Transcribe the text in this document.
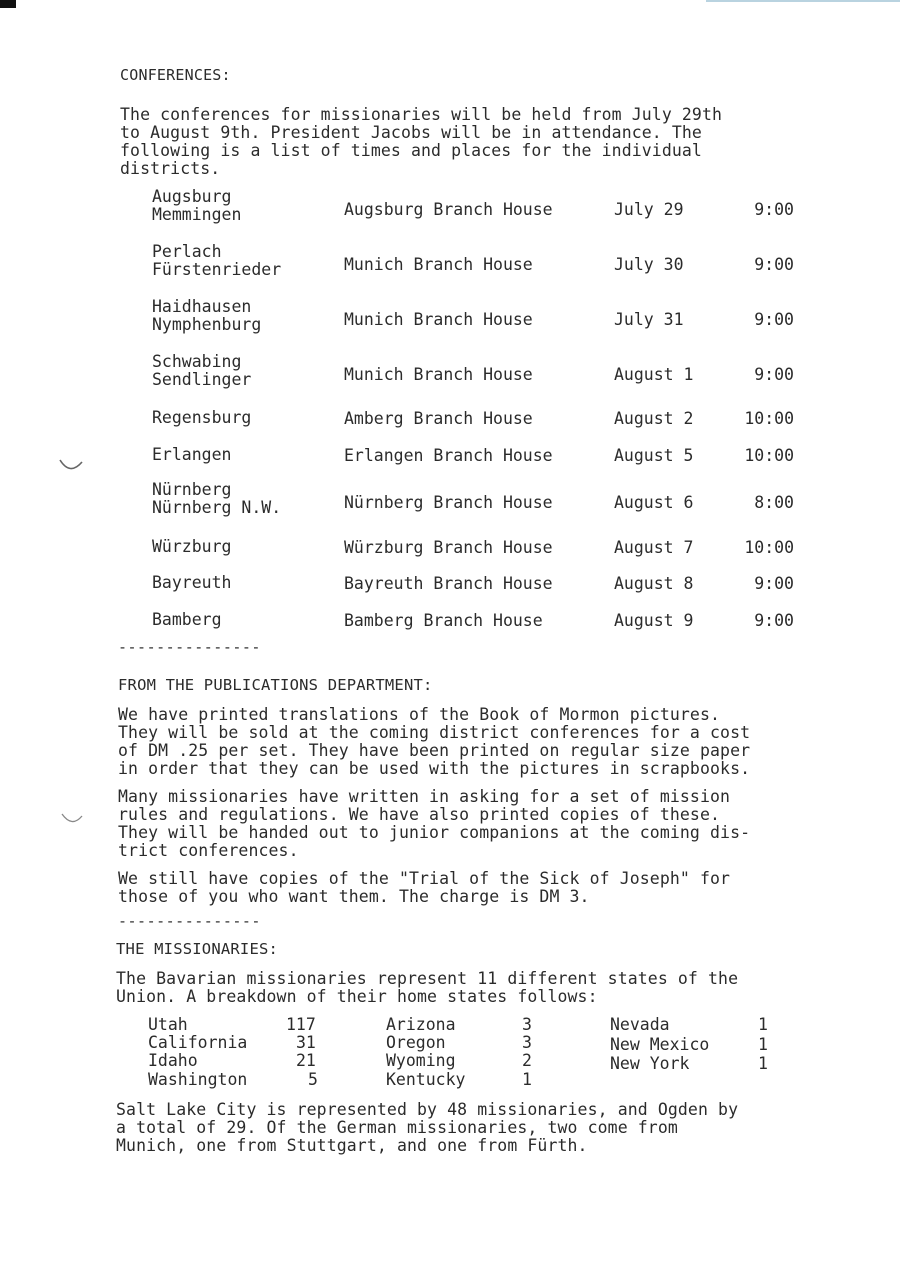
CONFERENCES:
The conferences for missionaries will be held from July 29th
to August 9th. President Jacobs will be in attendance. The
following is a list of times and places for the individual
districts.
Augsburg
Memmingen	Augsburg Branch House	July 29	9:00
Perlach
Fürstenrieder	Munich Branch House	July 30	9:00
Haidhausen
Nymphenburg	Munich Branch House	July 31	9:00
Schwabing
Sendlinger	Munich Branch House	August 1	9:00
Regensburg	Amberg Branch House	August 2	10:00
Erlangen	Erlangen Branch House	August 5	10:00
Nürnberg
Nürnberg N.W.	Nürnberg Branch House	August 6	8:00
Würzburg	Würzburg Branch House	August 7	10:00
Bayreuth	Bayreuth Branch House	August 8	9:00
Bamberg	Bamberg Branch House	August 9	9:00
---------------
FROM THE PUBLICATIONS DEPARTMENT:
We have printed translations of the Book of Mormon pictures.
They will be sold at the coming district conferences for a cost
of DM .25 per set. They have been printed on regular size paper
in order that they can be used with the pictures in scrapbooks.
Many missionaries have written in asking for a set of mission
rules and regulations. We have also printed copies of these.
They will be handed out to junior companions at the coming dis-
trict conferences.
We still have copies of the "Trial of the Sick of Joseph" for
those of you who want them. The charge is DM 3.
---------------
THE MISSIONARIES:
The Bavarian missionaries represent 11 different states of the
Union. A breakdown of their home states follows:
Utah	117
California	31
Idaho	21
Washington	5
Arizona	3
Oregon	3
Wyoming	2
Kentucky	1
Nevada	1
New Mexico	1
New York	1
Salt Lake City is represented by 48 missionaries, and Ogden by
a total of 29. Of the German missionaries, two come from
Munich, one from Stuttgart, and one from Fürth.
